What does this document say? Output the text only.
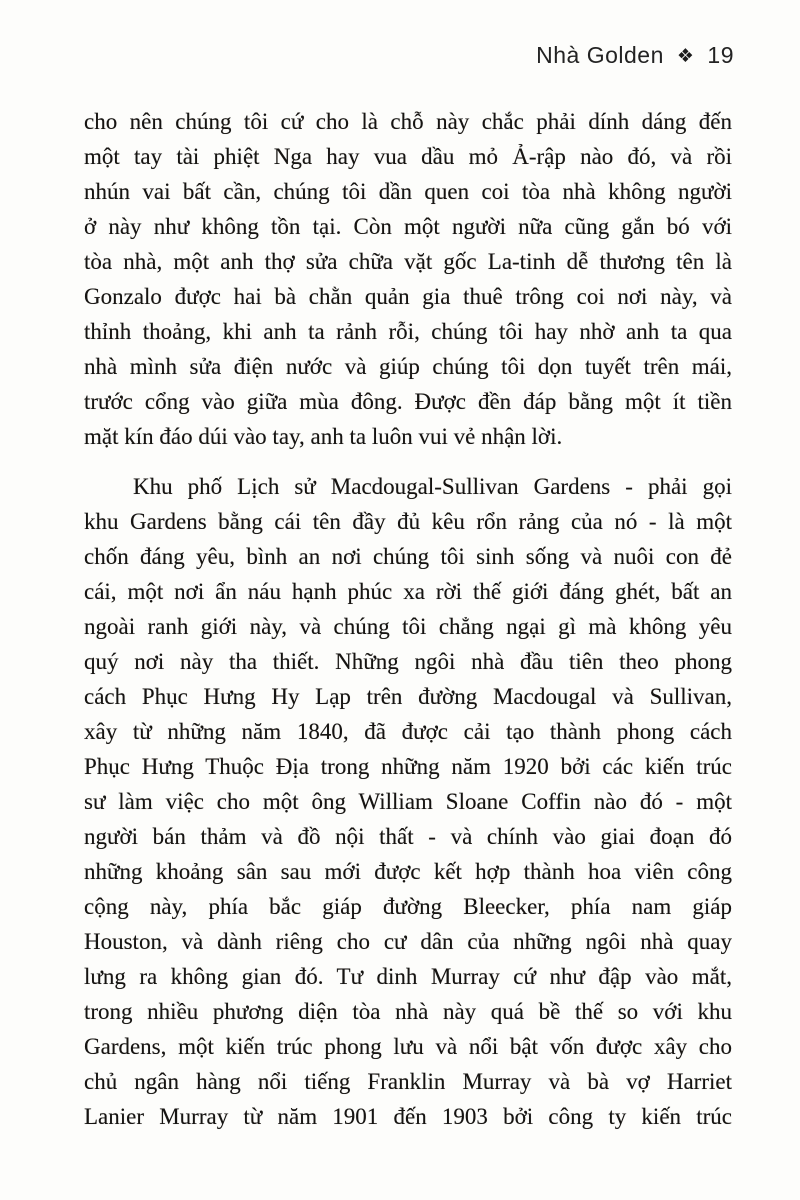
Nhà Golden ❖ 19
cho nên chúng tôi cứ cho là chỗ này chắc phải dính dáng đến
một tay tài phiệt Nga hay vua dầu mỏ Ả-rập nào đó, và rồi
nhún vai bất cần, chúng tôi dần quen coi tòa nhà không người
ở này như không tồn tại. Còn một người nữa cũng gắn bó với
tòa nhà, một anh thợ sửa chữa vặt gốc La-tinh dễ thương tên là
Gonzalo được hai bà chằn quản gia thuê trông coi nơi này, và
thỉnh thoảng, khi anh ta rảnh rỗi, chúng tôi hay nhờ anh ta qua
nhà mình sửa điện nước và giúp chúng tôi dọn tuyết trên mái,
trước cổng vào giữa mùa đông. Được đền đáp bằng một ít tiền
mặt kín đáo dúi vào tay, anh ta luôn vui vẻ nhận lời.
Khu phố Lịch sử Macdougal-Sullivan Gardens - phải gọi
khu Gardens bằng cái tên đầy đủ kêu rổn rảng của nó - là một
chốn đáng yêu, bình an nơi chúng tôi sinh sống và nuôi con đẻ
cái, một nơi ẩn náu hạnh phúc xa rời thế giới đáng ghét, bất an
ngoài ranh giới này, và chúng tôi chẳng ngại gì mà không yêu
quý nơi này tha thiết. Những ngôi nhà đầu tiên theo phong
cách Phục Hưng Hy Lạp trên đường Macdougal và Sullivan,
xây từ những năm 1840, đã được cải tạo thành phong cách
Phục Hưng Thuộc Địa trong những năm 1920 bởi các kiến trúc
sư làm việc cho một ông William Sloane Coffin nào đó - một
người bán thảm và đồ nội thất - và chính vào giai đoạn đó
những khoảng sân sau mới được kết hợp thành hoa viên công
cộng này, phía bắc giáp đường Bleecker, phía nam giáp
Houston, và dành riêng cho cư dân của những ngôi nhà quay
lưng ra không gian đó. Tư dinh Murray cứ như đập vào mắt,
trong nhiều phương diện tòa nhà này quá bề thế so với khu
Gardens, một kiến trúc phong lưu và nổi bật vốn được xây cho
chủ ngân hàng nổi tiếng Franklin Murray và bà vợ Harriet
Lanier Murray từ năm 1901 đến 1903 bởi công ty kiến trúc
